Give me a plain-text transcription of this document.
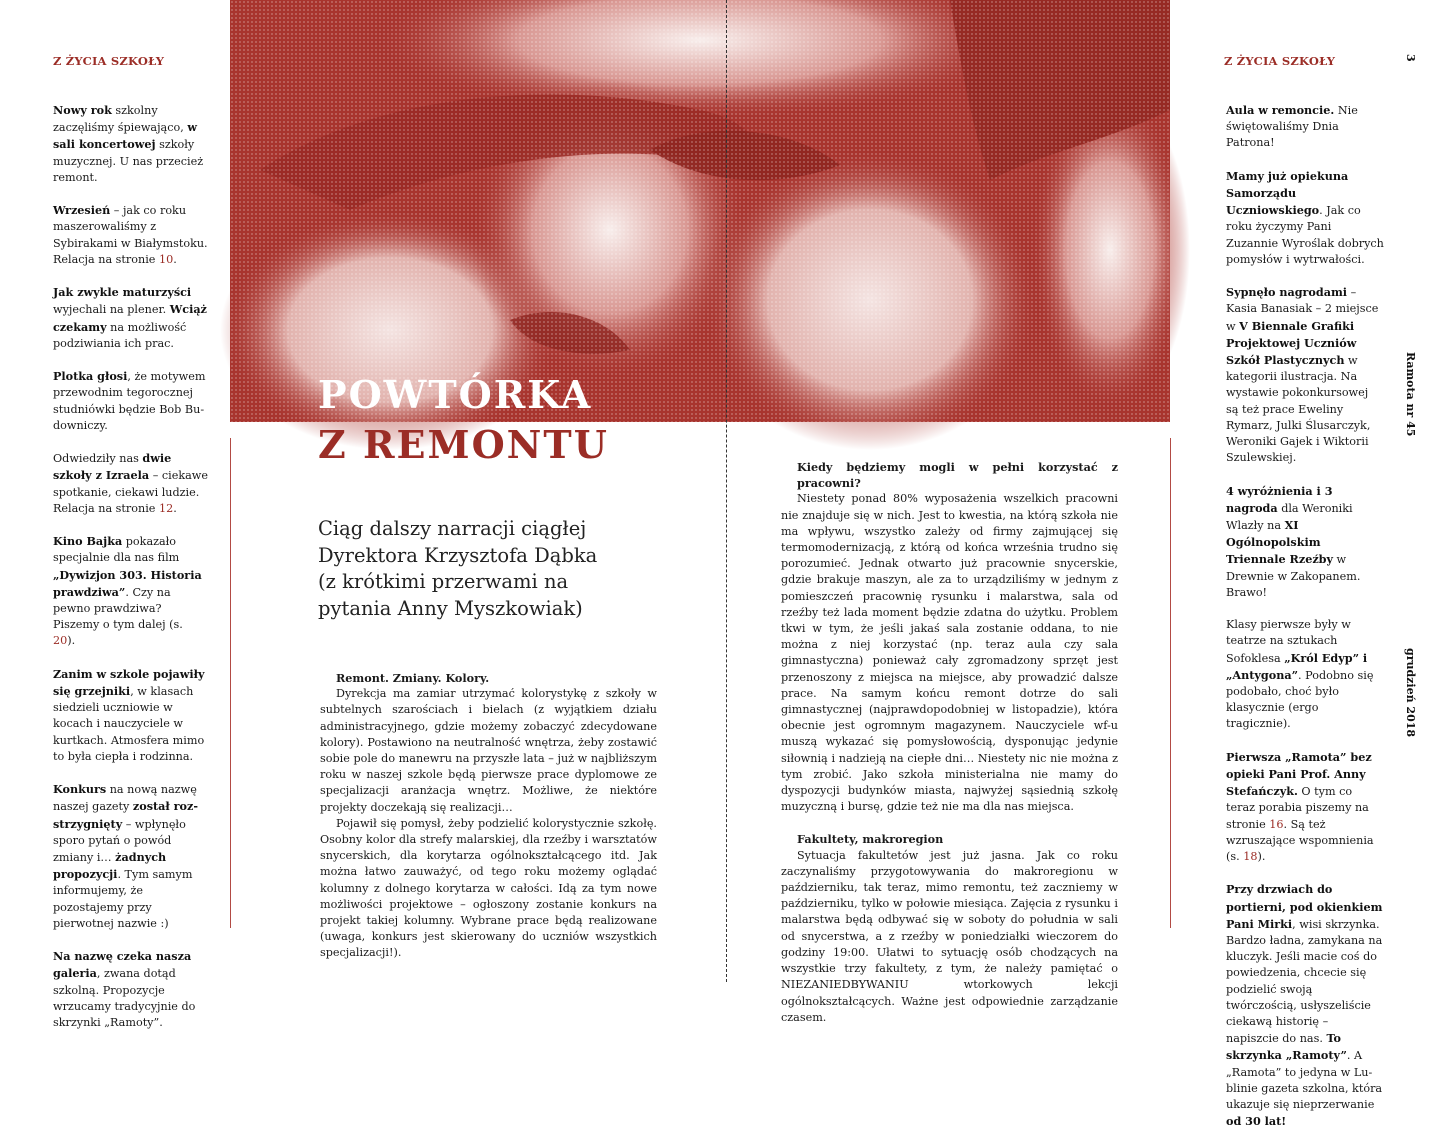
Z ŻYCIA SZKOŁY	Z ŻYCIA SZKOŁY	3
Ramota nr 45
grudzień 2018
POWTÓRKA
Z REMONTU
Ciąg dalszy narracji ciągłej Dyrektora Krzysztofa Dąbka (z krótkimi przerwami na pytania Anny Myszkowiak)

Nowy rok szkolny zaczęliśmy śpiewająco, w sali koncertowej szkoły muzycznej. U nas przecież remont.

Wrzesień – jak co roku maszerowaliśmy z Sybirakami w Białymstoku. Relacja na stronie 10.

Jak zwykle maturzyści wyjechali na plener. Wciąż czekamy na możliwość podziwiania ich prac.

Plotka głosi, że motywem przewodnim tegorocznej studniówki będzie Bob Budowniczy.

Odwiedziły nas dwie szkoły z Izraela – ciekawe spotkanie, ciekawi ludzie. Relacja na stronie 12.

Kino Bajka pokazało specjalnie dla nas film „Dywizjon 303. Historia prawdziwa”. Czy na pewno prawdziwa? Piszemy o tym dalej (s. 20).

Zanim w szkole pojawiły się grzejniki, w klasach siedzieli uczniowie w kocach i nauczyciele w kurtkach. Atmosfera mimo to była ciepła i rodzinna.

Konkurs na nową nazwę naszej gazety został rozstrzygnięty – wpłynęło sporo pytań o powód zmiany i… żadnych propozycji. Tym samym informujemy, że pozostajemy przy pierwotnej nazwie :)

Na nazwę czeka nasza galeria, zwana dotąd szkolną. Propozycje wrzucamy tradycyjnie do skrzynki „Ramoty”.

Aula w remoncie. Nie świętowaliśmy Dnia Patrona!

Mamy już opiekuna Samorządu Uczniowskiego. Jak co roku życzymy Pani Zuzannie Wyroślak dobrych pomysłów i wytrwałości.

Sypnęło nagrodami – Kasia Banasiak – 2 miejsce w V Biennale Grafiki Projektowej Uczniów Szkół Plastycznych w kategorii ilustracja. Na wystawie pokonkursowej są też prace Eweliny Rymarz, Julki Ślusarczyk, Weroniki Gajek i Wiktorii Szulewskiej.

4 wyróżnienia i 3 nagroda dla Weroniki Wlazły na XI Ogólnopolskim Triennale Rzeźby w Drewnie w Zakopanem. Brawo!

Klasy pierwsze były w teatrze na sztukach Sofoklesa „Król Edyp” i „Antygona”. Podobno się podobało, choć było klasycznie (ergo tragicznie).

Pierwsza „Ramota” bez opieki Pani Prof. Anny Stefańczyk. O tym co teraz porabia piszemy na stronie 16. Są też wzruszające wspomnienia (s. 18).

Przy drzwiach do portierni, pod okienkiem Pani Mirki, wisi skrzynka. Bardzo ładna, zamykana na kluczyk. Jeśli macie coś do powiedzenia, chcecie się podzielić swoją twórczością, usłyszeliście ciekawą historię – napiszcie do nas. To skrzynka „Ramoty”. A „Ramota” to jedyna w Lublinie gazeta szkolna, która ukazuje się nieprzerwanie od 30 lat!

Remont. Zmiany. Kolory.

Dyrekcja ma zamiar utrzymać kolorystykę z szkoły w subtelnych szarościach i bielach (z wyjątkiem działu administracyjnego, gdzie możemy zobaczyć zdecydowane kolory). Postawiono na neutralność wnętrza, żeby zostawić sobie pole do manewru na przyszłe lata – już w najbliższym roku w naszej szkole będą pierwsze prace dyplomowe ze specjalizacji aranżacja wnętrz. Możliwe, że niektóre projekty doczekają się realizacji…

Pojawił się pomysł, żeby podzielić kolorystycznie szkołę. Osobny kolor dla strefy malarskiej, dla rzeźby i warsztatów snycerskich, dla korytarza ogólnokształcącego itd. Jak można łatwo zauważyć, od tego roku możemy oglądać kolumny z dolnego korytarza w całości. Idą za tym nowe możliwości projektowe – ogłoszony zostanie konkurs na projekt takiej kolumny. Wybrane prace będą realizowane (uwaga, konkurs jest skierowany do uczniów wszystkich specjalizacji!).

Kiedy będziemy mogli w pełni korzystać z pracowni?

Niestety ponad 80% wyposażenia wszelkich pracowni nie znajduje się w nich. Jest to kwestia, na którą szkoła nie ma wpływu, wszystko zależy od firmy zajmującej się termomodernizacją, z którą od końca września trudno się porozumieć. Jednak otwarto już pracownie snycerskie, gdzie brakuje maszyn, ale za to urządziliśmy w jednym z pomieszczeń pracownię rysunku i malarstwa, sala od rzeźby też lada moment będzie zdatna do użytku. Problem tkwi w tym, że jeśli jakaś sala zostanie oddana, to nie można z niej korzystać (np. teraz aula czy sala gimnastyczna) ponieważ cały zgromadzony sprzęt jest przenoszony z miejsca na miejsce, aby prowadzić dalsze prace. Na samym końcu remont dotrze do sali gimnastycznej (najprawdopodobniej w listopadzie), która obecnie jest ogromnym magazynem. Nauczyciele wf-u muszą wykazać się pomysłowością, dysponując jedynie siłownią i nadzieją na ciepłe dni… Niestety nic nie można z tym zrobić. Jako szkoła ministerialna nie mamy do dyspozycji budynków miasta, najwyżej sąsiednią szkołę muzyczną i bursę, gdzie też nie ma dla nas miejsca.

Fakultety, makroregion

Sytuacja fakultetów jest już jasna. Jak co roku zaczynaliśmy przygotowywania do makroregionu w październiku, tak teraz, mimo remontu, też zaczniemy w październiku, tylko w połowie miesiąca. Zajęcia z rysunku i malarstwa będą odbywać się w soboty do południa w sali od snycerstwa, a z rzeźby w poniedziałki wieczorem do godziny 19:00. Ułatwi to sytuację osób chodzących na wszystkie trzy fakultety, z tym, że należy pamiętać o NIEZANIEDBYWANIU wtorkowych lekcji ogólnokształcących. Ważne jest odpowiednie zarządzanie czasem.
